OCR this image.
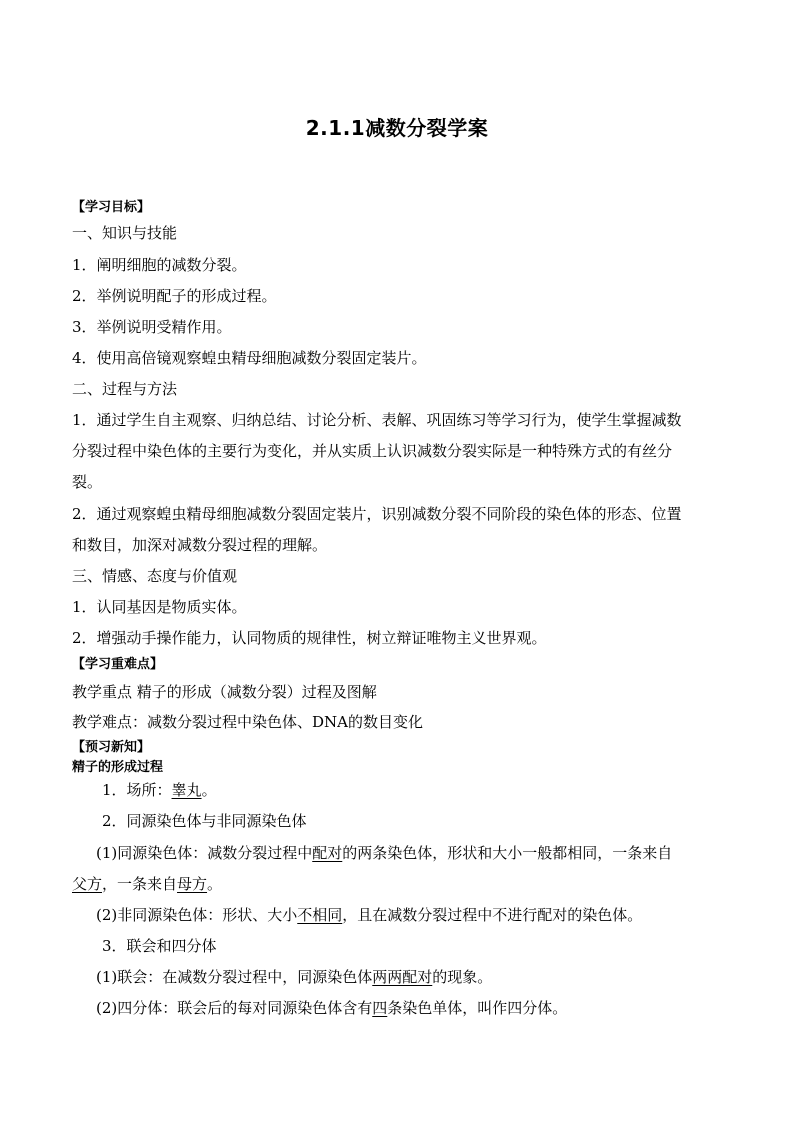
2.1.1减数分裂学案
【学习目标】
一、知识与技能
1．阐明细胞的减数分裂。
2．举例说明配子的形成过程。
3．举例说明受精作用。
4．使用高倍镜观察蝗虫精母细胞减数分裂固定装片。
二、过程与方法
1．通过学生自主观察、归纳总结、讨论分析、表解、巩固练习等学习行为，使学生掌握减数
分裂过程中染色体的主要行为变化，并从实质上认识减数分裂实际是一种特殊方式的有丝分
裂。
2．通过观察蝗虫精母细胞减数分裂固定装片，识别减数分裂不同阶段的染色体的形态、位置
和数目，加深对减数分裂过程的理解。
三、情感、态度与价值观
1．认同基因是物质实体。
2．增强动手操作能力，认同物质的规律性，树立辩证唯物主义世界观。
【学习重难点】
教学重点 精子的形成（减数分裂）过程及图解
教学难点：减数分裂过程中染色体、DNA的数目变化
【预习新知】
精子的形成过程
1．场所：睾丸。
2．同源染色体与非同源染色体
(1)同源染色体：减数分裂过程中配对的两条染色体，形状和大小一般都相同，一条来自
父方，一条来自母方。
(2)非同源染色体：形状、大小不相同，且在减数分裂过程中不进行配对的染色体。
3．联会和四分体
(1)联会：在减数分裂过程中，同源染色体两两配对的现象。
(2)四分体：联会后的每对同源染色体含有四条染色单体，叫作四分体。
